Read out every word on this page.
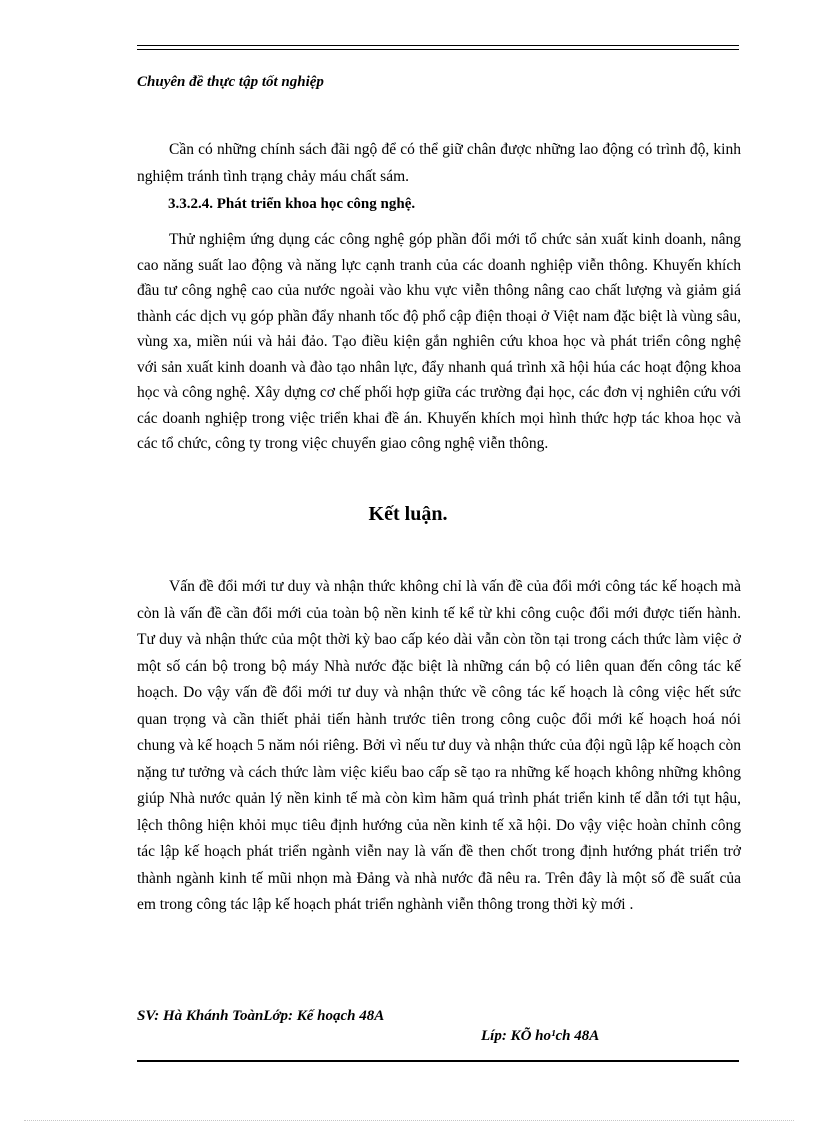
Chuyên đề thực tập tốt nghiệp

Cần có những chính sách đãi ngộ để có thể giữ chân được những lao động có trình độ, kinh nghiệm tránh tình trạng chảy máu chất sám.

3.3.2.4. Phát triển khoa học công nghệ.

Thử nghiệm ứng dụng các công nghệ góp phần đổi mới tổ chức sản xuất kinh doanh, nâng cao năng suất lao động và năng lực cạnh tranh của các doanh nghiệp viễn thông. Khuyến khích đầu tư công nghệ cao của nước ngoài vào khu vực viễn thông nâng cao chất lượng và giảm giá thành các dịch vụ góp phần đẩy nhanh tốc độ phổ cập điện thoại ở Việt nam đặc biệt là vùng sâu, vùng xa, miền núi và hải đảo. Tạo điều kiện gắn nghiên cứu khoa học và phát triển công nghệ với sản xuất kinh doanh và đào tạo nhân lực, đẩy nhanh quá trình xã hội húa các hoạt động khoa học và công nghệ. Xây dựng cơ chế phối hợp giữa các trường đại học, các đơn vị nghiên cứu với các doanh nghiệp trong việc triển khai đề án. Khuyến khích mọi hình thức hợp tác khoa học và các tổ chức, công ty trong việc chuyển giao công nghệ viễn thông.

Kết luận.

Vấn đề đổi mới tư duy và nhận thức không chỉ là vấn đề của đổi mới công tác kế hoạch mà còn là vấn đề cần đổi mới của toàn bộ nền kinh tế kể từ khi công cuộc đổi mới được tiến hành. Tư duy và nhận thức của một thời kỳ bao cấp kéo dài vẫn còn tồn tại trong cách thức làm việc ở một số cán bộ trong bộ máy Nhà nước đặc biệt là những cán bộ có liên quan đến công tác kế hoạch. Do vậy vấn đề đổi mới tư duy và nhận thức về công tác kế hoạch là công việc hết sức quan trọng và cần thiết phải tiến hành trước tiên trong công cuộc đổi mới kế hoạch hoá nói chung và kế hoạch 5 năm nói riêng. Bởi vì nếu tư duy và nhận thức của đội ngũ lập kế hoạch còn nặng tư tưởng và cách thức làm việc kiểu bao cấp sẽ tạo ra những kế hoạch không những không giúp Nhà nước quản lý nền kinh tế mà còn kìm hãm quá trình phát triển kinh tế dẫn tới tụt hậu, lệch thông hiện khỏi mục tiêu định hướng của nền kinh tế xã hội. Do vậy việc hoàn chỉnh công tác lập kế hoạch phát triển ngành viễn nay là vấn đề then chốt trong định hướng phát triển trở thành ngành kinh tế mũi nhọn mà Đảng và nhà nước đã nêu ra. Trên đây là một số đề suất của em trong công tác lập kế hoạch phát triển nghành viễn thông trong thời kỳ mới .

SV: Hà Khánh ToànLớp: Kế hoạch 48A
Líp: KÕ ho¹ch 48A
